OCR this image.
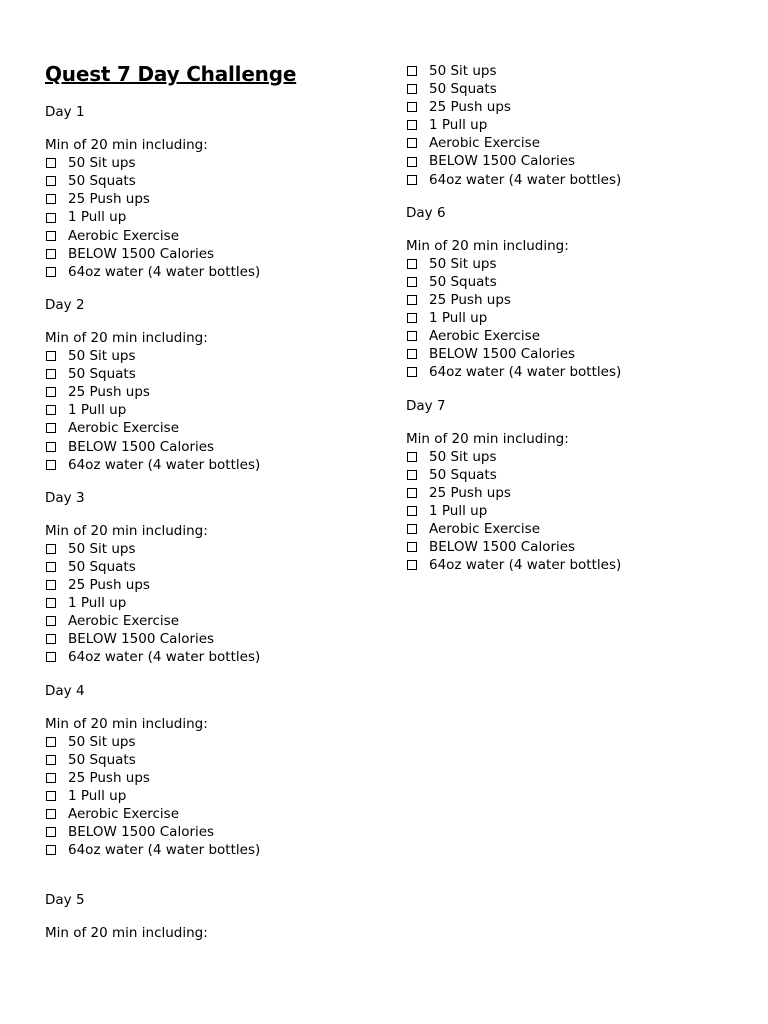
Quest 7 Day Challenge
Day 1
Min of 20 min including:
50 Sit ups
50 Squats
25 Push ups
1 Pull up
Aerobic Exercise
BELOW 1500 Calories
64oz water (4 water bottles)
Day 2
Min of 20 min including:
50 Sit ups
50 Squats
25 Push ups
1 Pull up
Aerobic Exercise
BELOW 1500 Calories
64oz water (4 water bottles)
Day 3
Min of 20 min including:
50 Sit ups
50 Squats
25 Push ups
1 Pull up
Aerobic Exercise
BELOW 1500 Calories
64oz water (4 water bottles)
Day 4
Min of 20 min including:
50 Sit ups
50 Squats
25 Push ups
1 Pull up
Aerobic Exercise
BELOW 1500 Calories
64oz water (4 water bottles)
Day 5
Min of 20 min including:
50 Sit ups
50 Squats
25 Push ups
1 Pull up
Aerobic Exercise
BELOW 1500 Calories
64oz water (4 water bottles)
Day 6
Min of 20 min including:
50 Sit ups
50 Squats
25 Push ups
1 Pull up
Aerobic Exercise
BELOW 1500 Calories
64oz water (4 water bottles)
Day 7
Min of 20 min including:
50 Sit ups
50 Squats
25 Push ups
1 Pull up
Aerobic Exercise
BELOW 1500 Calories
64oz water (4 water bottles)
